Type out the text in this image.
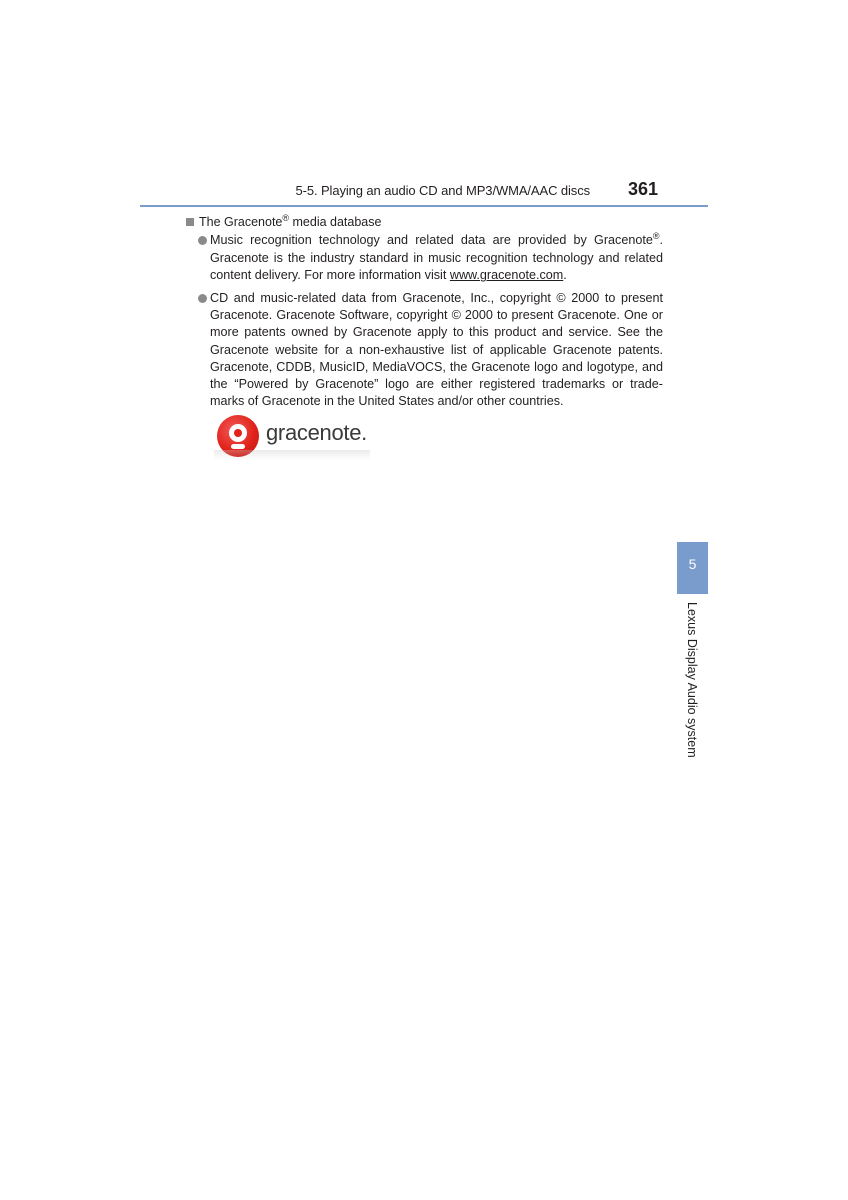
5-5. Playing an audio CD and MP3/WMA/AAC discs	361
The Gracenote® media database
Music recognition technology and related data are provided by Gracenote®. Gracenote is the industry standard in music recognition technology and related content delivery. For more information visit www.gracenote.com.
CD and music-related data from Gracenote, Inc., copyright © 2000 to present Gracenote. Gracenote Software, copyright © 2000 to present Gracenote. One or more patents owned by Gracenote apply to this product and service. See the Gracenote website for a non-exhaustive list of applicable Gracenote patents. Gracenote, CDDB, MusicID, MediaVOCS, the Gracenote logo and logotype, and the “Powered by Gracenote” logo are either registered trademarks or trade-marks of Gracenote in the United States and/or other countries.
gracenote.
5
Lexus Display Audio system
